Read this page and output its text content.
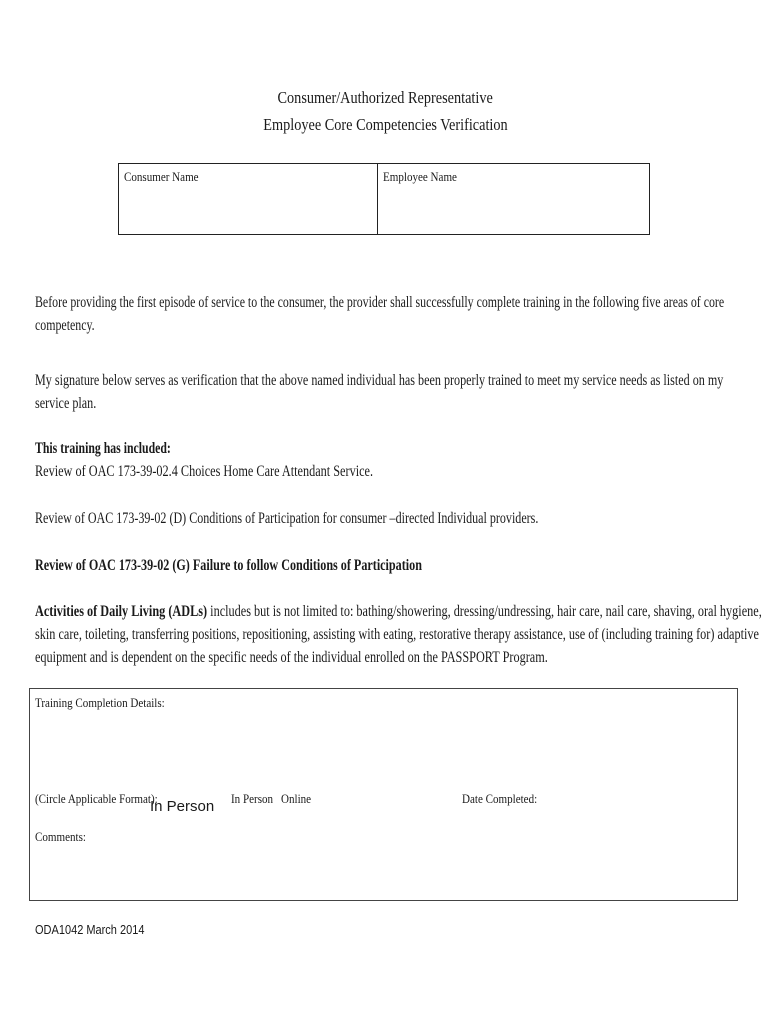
Consumer/Authorized Representative
Employee Core Competencies Verification
Consumer Name	Employee Name
Before providing the first episode of service to the consumer, the provider shall successfully complete training in the following five areas of core
competency.
My signature below serves as verification that the above named individual has been properly trained to meet my service needs as listed on my
service plan.
This training has included:
Review of OAC 173-39-02.4 Choices Home Care Attendant Service.
Review of OAC 173-39-02 (D) Conditions of Participation for consumer –directed Individual providers.
Review of OAC 173-39-02 (G) Failure to follow Conditions of Participation
Activities of Daily Living (ADLs) includes but is not limited to: bathing/showering, dressing/undressing, hair care, nail care, shaving, oral hygiene,
skin care, toileting, transferring positions, repositioning, assisting with eating, restorative therapy assistance, use of (including training for) adaptive
equipment and is dependent on the specific needs of the individual enrolled on the PASSPORT Program.
Training Completion Details:
(Circle Applicable Format):
In Person In Person Online	Date Completed:
Comments:
ODA1042 March 2014
